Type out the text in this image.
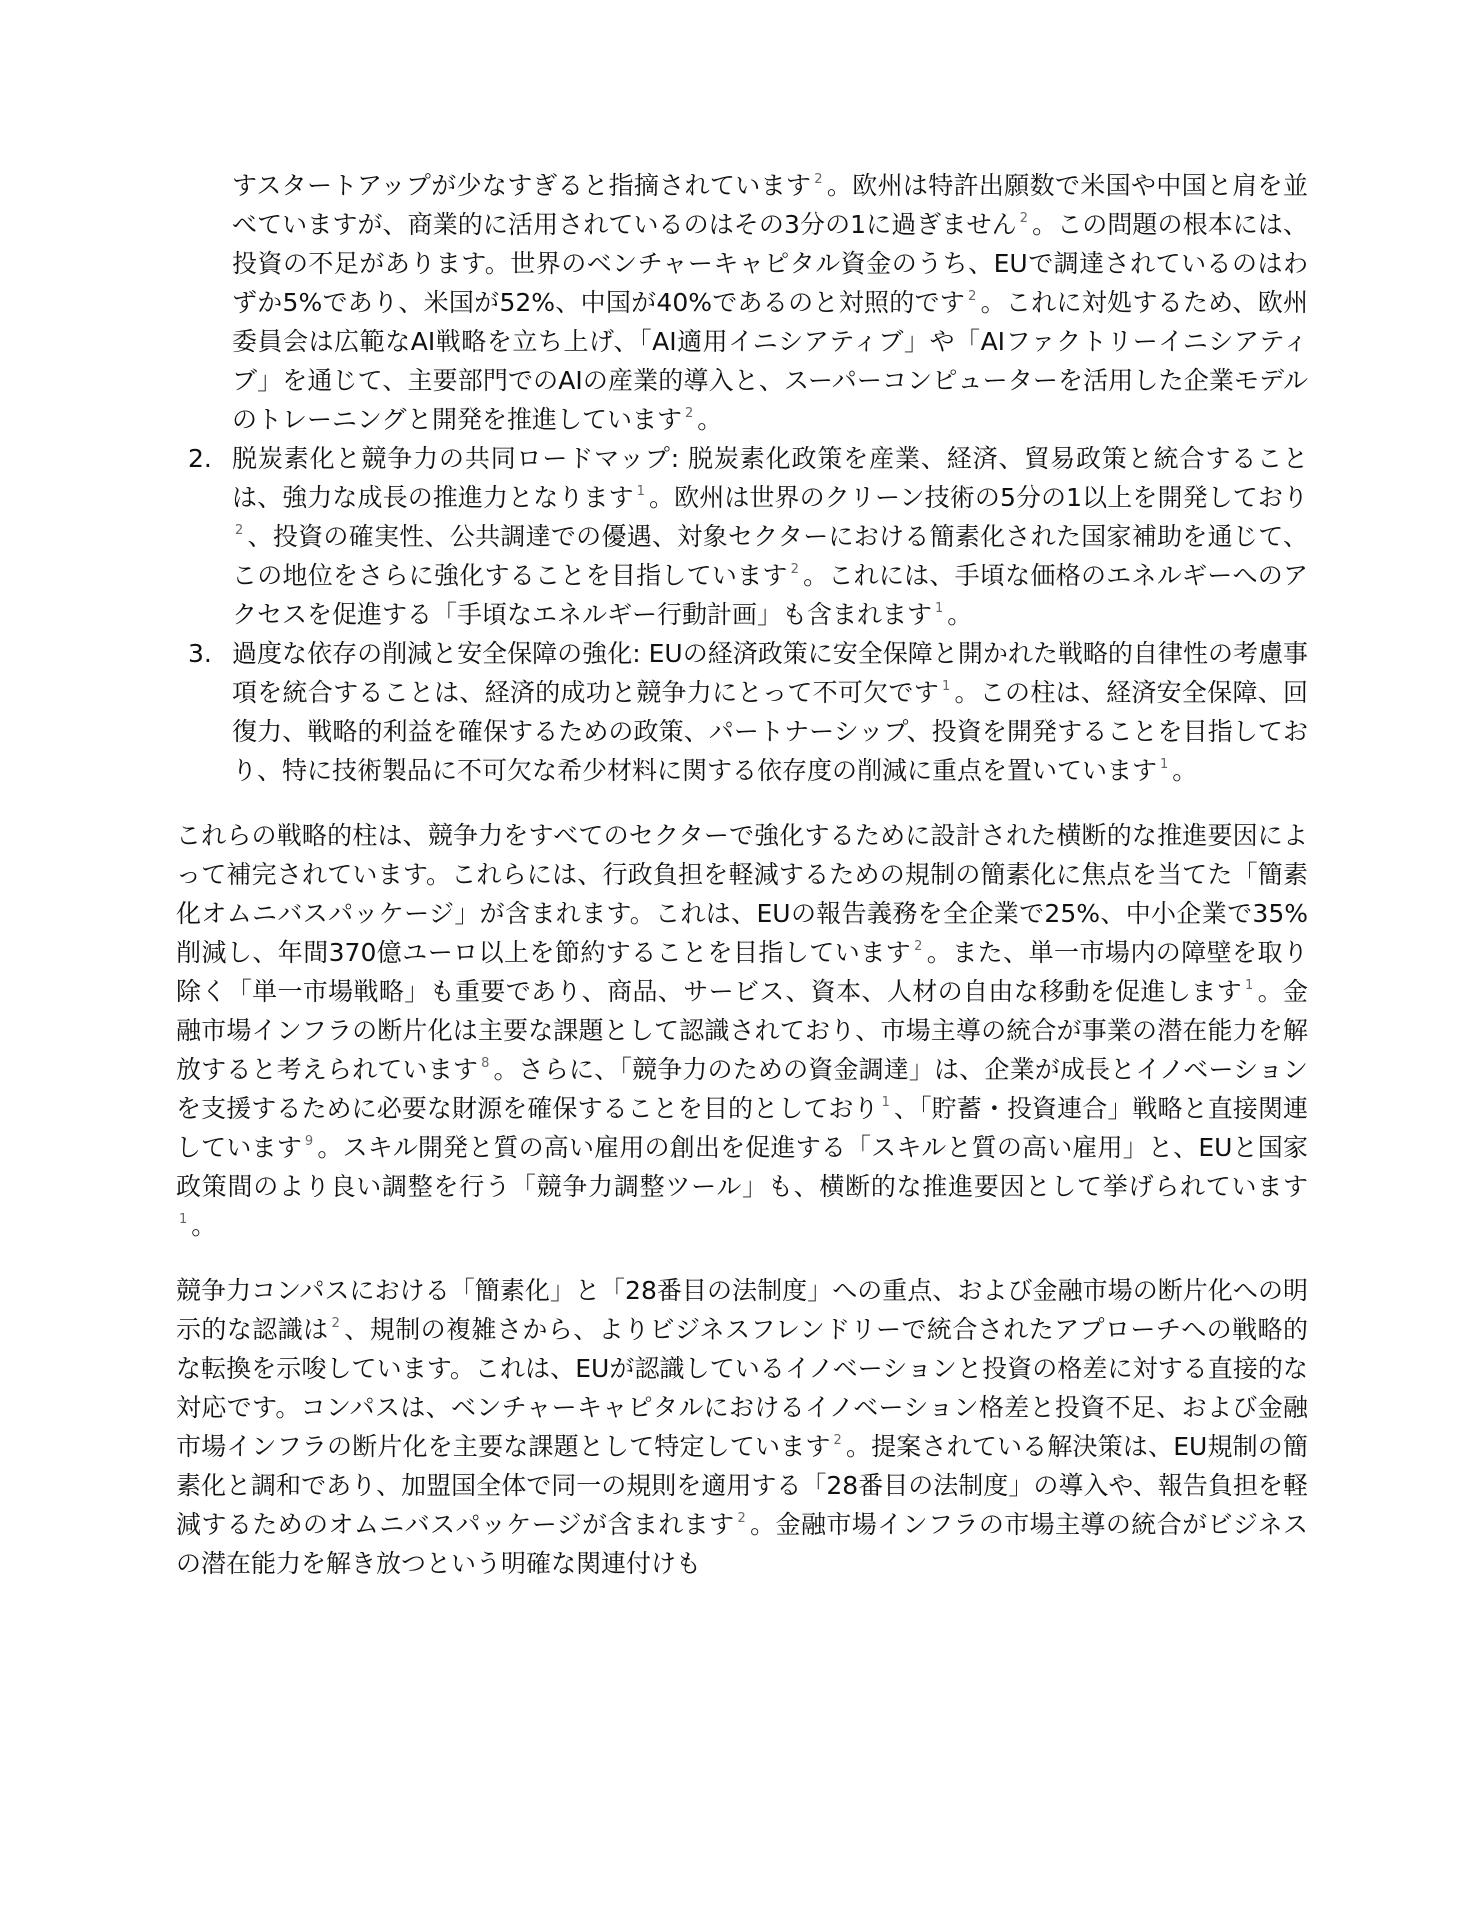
すスタートアップが少なすぎると指摘されています $^2$ 。欧州は特許出願数で米国や中国と肩を並べていますが、商業的に活用されているのはその3分の1に過ぎません $^2$ 。この問題の根本には、投資の不足があります。世界のベンチャーキャピタル資金のうち、EUで調達されているのはわずか5%であり、米国が52%、中国が40%であるのと対照的です $^2$ 。これに対処するため、欧州委員会は広範なAI戦略を立ち上げ、「AI適用イニシアティブ」や「AIファクトリーイニシアティブ」を通じて、主要部門でのAIの産業的導入と、スーパーコンピューターを活用した企業モデルのトレーニングと開発を推進しています $^2$ 。

2. 脱炭素化と競争力の共同ロードマップ: 脱炭素化政策を産業、経済、貿易政策と統合することは、強力な成長の推進力となります $^1$ 。欧州は世界のクリーン技術の5分の1以上を開発しており$^2$ 、投資の確実性、公共調達での優遇、対象セクターにおける簡素化された国家補助を通じて、この地位をさらに強化することを目指しています $^2$ 。これには、手頃な価格のエネルギーへのアクセスを促進する「手頃なエネルギー行動計画」も含まれます $^1$ 。
3. 過度な依存の削減と安全保障の強化: EUの経済政策に安全保障と開かれた戦略的自律性の考慮事項を統合することは、経済的成功と競争力にとって不可欠です $^1$ 。この柱は、経済安全保障、回復力、戦略的利益を確保するための政策、パートナーシップ、投資を開発することを目指しており、特に技術製品に不可欠な希少材料に関する依存度の削減に重点を置いています $^1$ 。

これらの戦略的柱は、競争力をすべてのセクターで強化するために設計された横断的な推進要因によって補完されています。これらには、行政負担を軽減するための規制の簡素化に焦点を当てた「簡素化オムニバスパッケージ」が含まれます。これは、EUの報告義務を全企業で25%、中小企業で35%削減し、年間370億ユーロ以上を節約することを目指しています $^2$ 。また、単一市場内の障壁を取り除く「単一市場戦略」も重要であり、商品、サービス、資本、人材の自由な移動を促進します $^1$ 。金融市場インフラの断片化は主要な課題として認識されており、市場主導の統合が事業の潜在能力を解放すると考えられています $^8$ 。さらに、「競争力のための資金調達」は、企業が成長とイノベーションを支援するために必要な財源を確保することを目的としており $^1$ 、「貯蓄・投資連合」戦略と直接関連しています $^9$ 。スキル開発と質の高い雇用の創出を促進する「スキルと質の高い雇用」と、EUと国家政策間のより良い調整を行う「競争力調整ツール」も、横断的な推進要因として挙げられています$^1$ 。

競争力コンパスにおける「簡素化」と「28番目の法制度」への重点、および金融市場の断片化への明示的な認識は $^2$ 、規制の複雑さから、よりビジネスフレンドリーで統合されたアプローチへの戦略的な転換を示唆しています。これは、EUが認識しているイノベーションと投資の格差に対する直接的な対応です。コンパスは、ベンチャーキャピタルにおけるイノベーション格差と投資不足、および金融市場インフラの断片化を主要な課題として特定しています $^2$ 。提案されている解決策は、EU規制の簡素化と調和であり、加盟国全体で同一の規則を適用する「28番目の法制度」の導入や、報告負担を軽減するためのオムニバスパッケージが含まれます $^2$ 。金融市場インフラの市場主導の統合がビジネスの潜在能力を解き放つという明確な関連付けも
